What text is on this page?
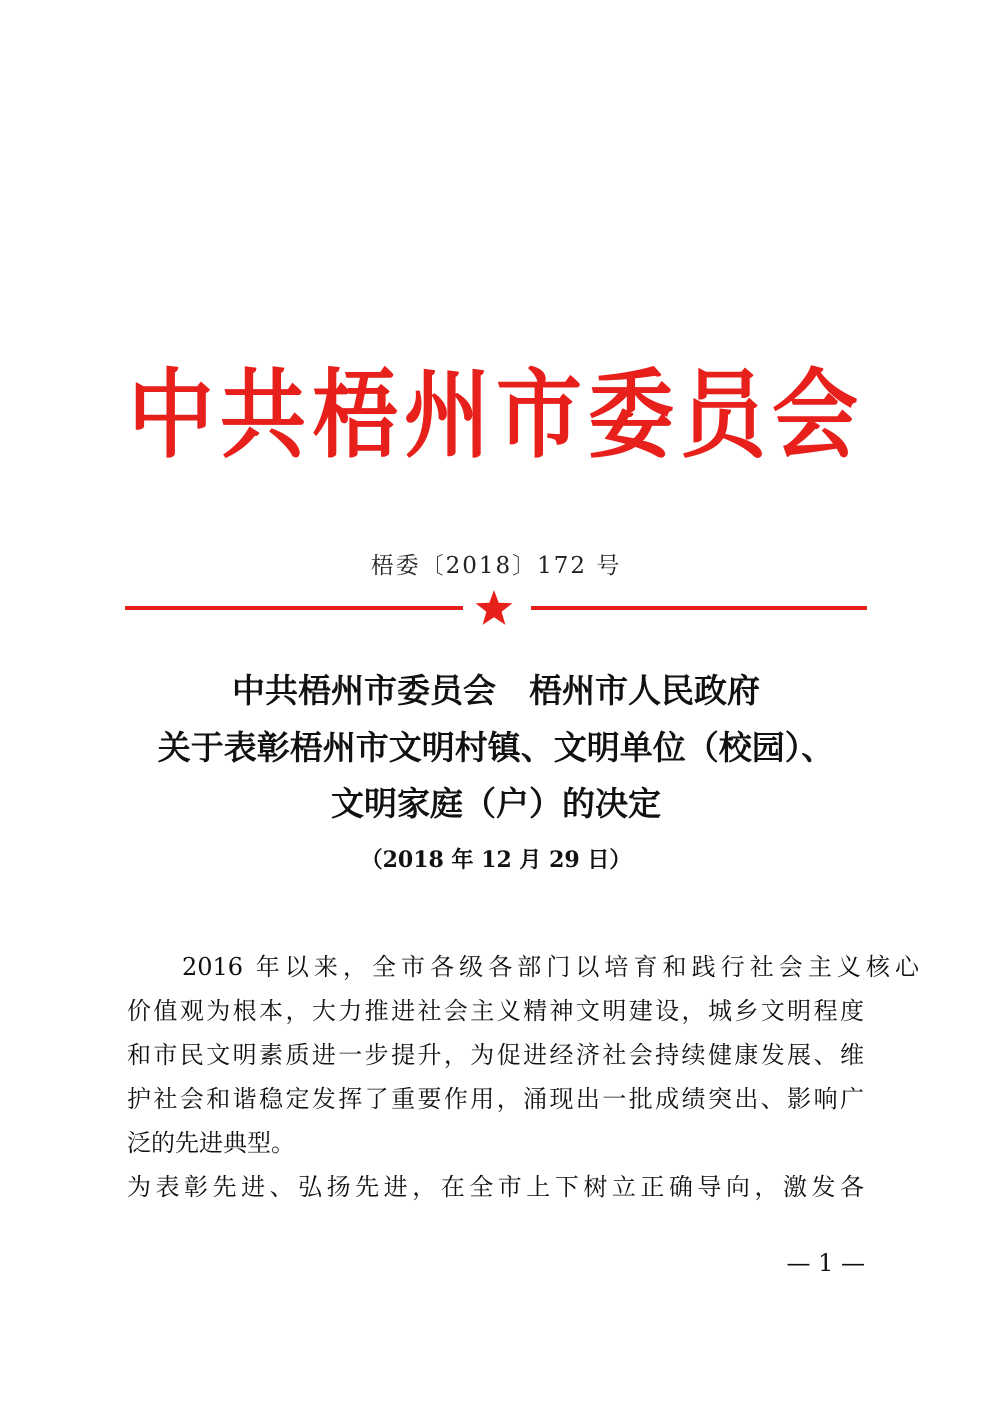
中共梧州市委员会
梧委〔2018〕172 号
中共梧州市委员会　梧州市人民政府
关于表彰梧州市文明村镇、文明单位（校园）、
文明家庭（户）的决定
（2018 年 12 月 29 日）
2016 年以来，全市各级各部门以培育和践行社会主义核心
价值观为根本，大力推进社会主义精神文明建设，城乡文明程度
和市民文明素质进一步提升，为促进经济社会持续健康发展、维
护社会和谐稳定发挥了重要作用，涌现出一批成绩突出、影响广
泛的先进典型。
为表彰先进、弘扬先进，在全市上下树立正确导向，激发各
— 1 —
